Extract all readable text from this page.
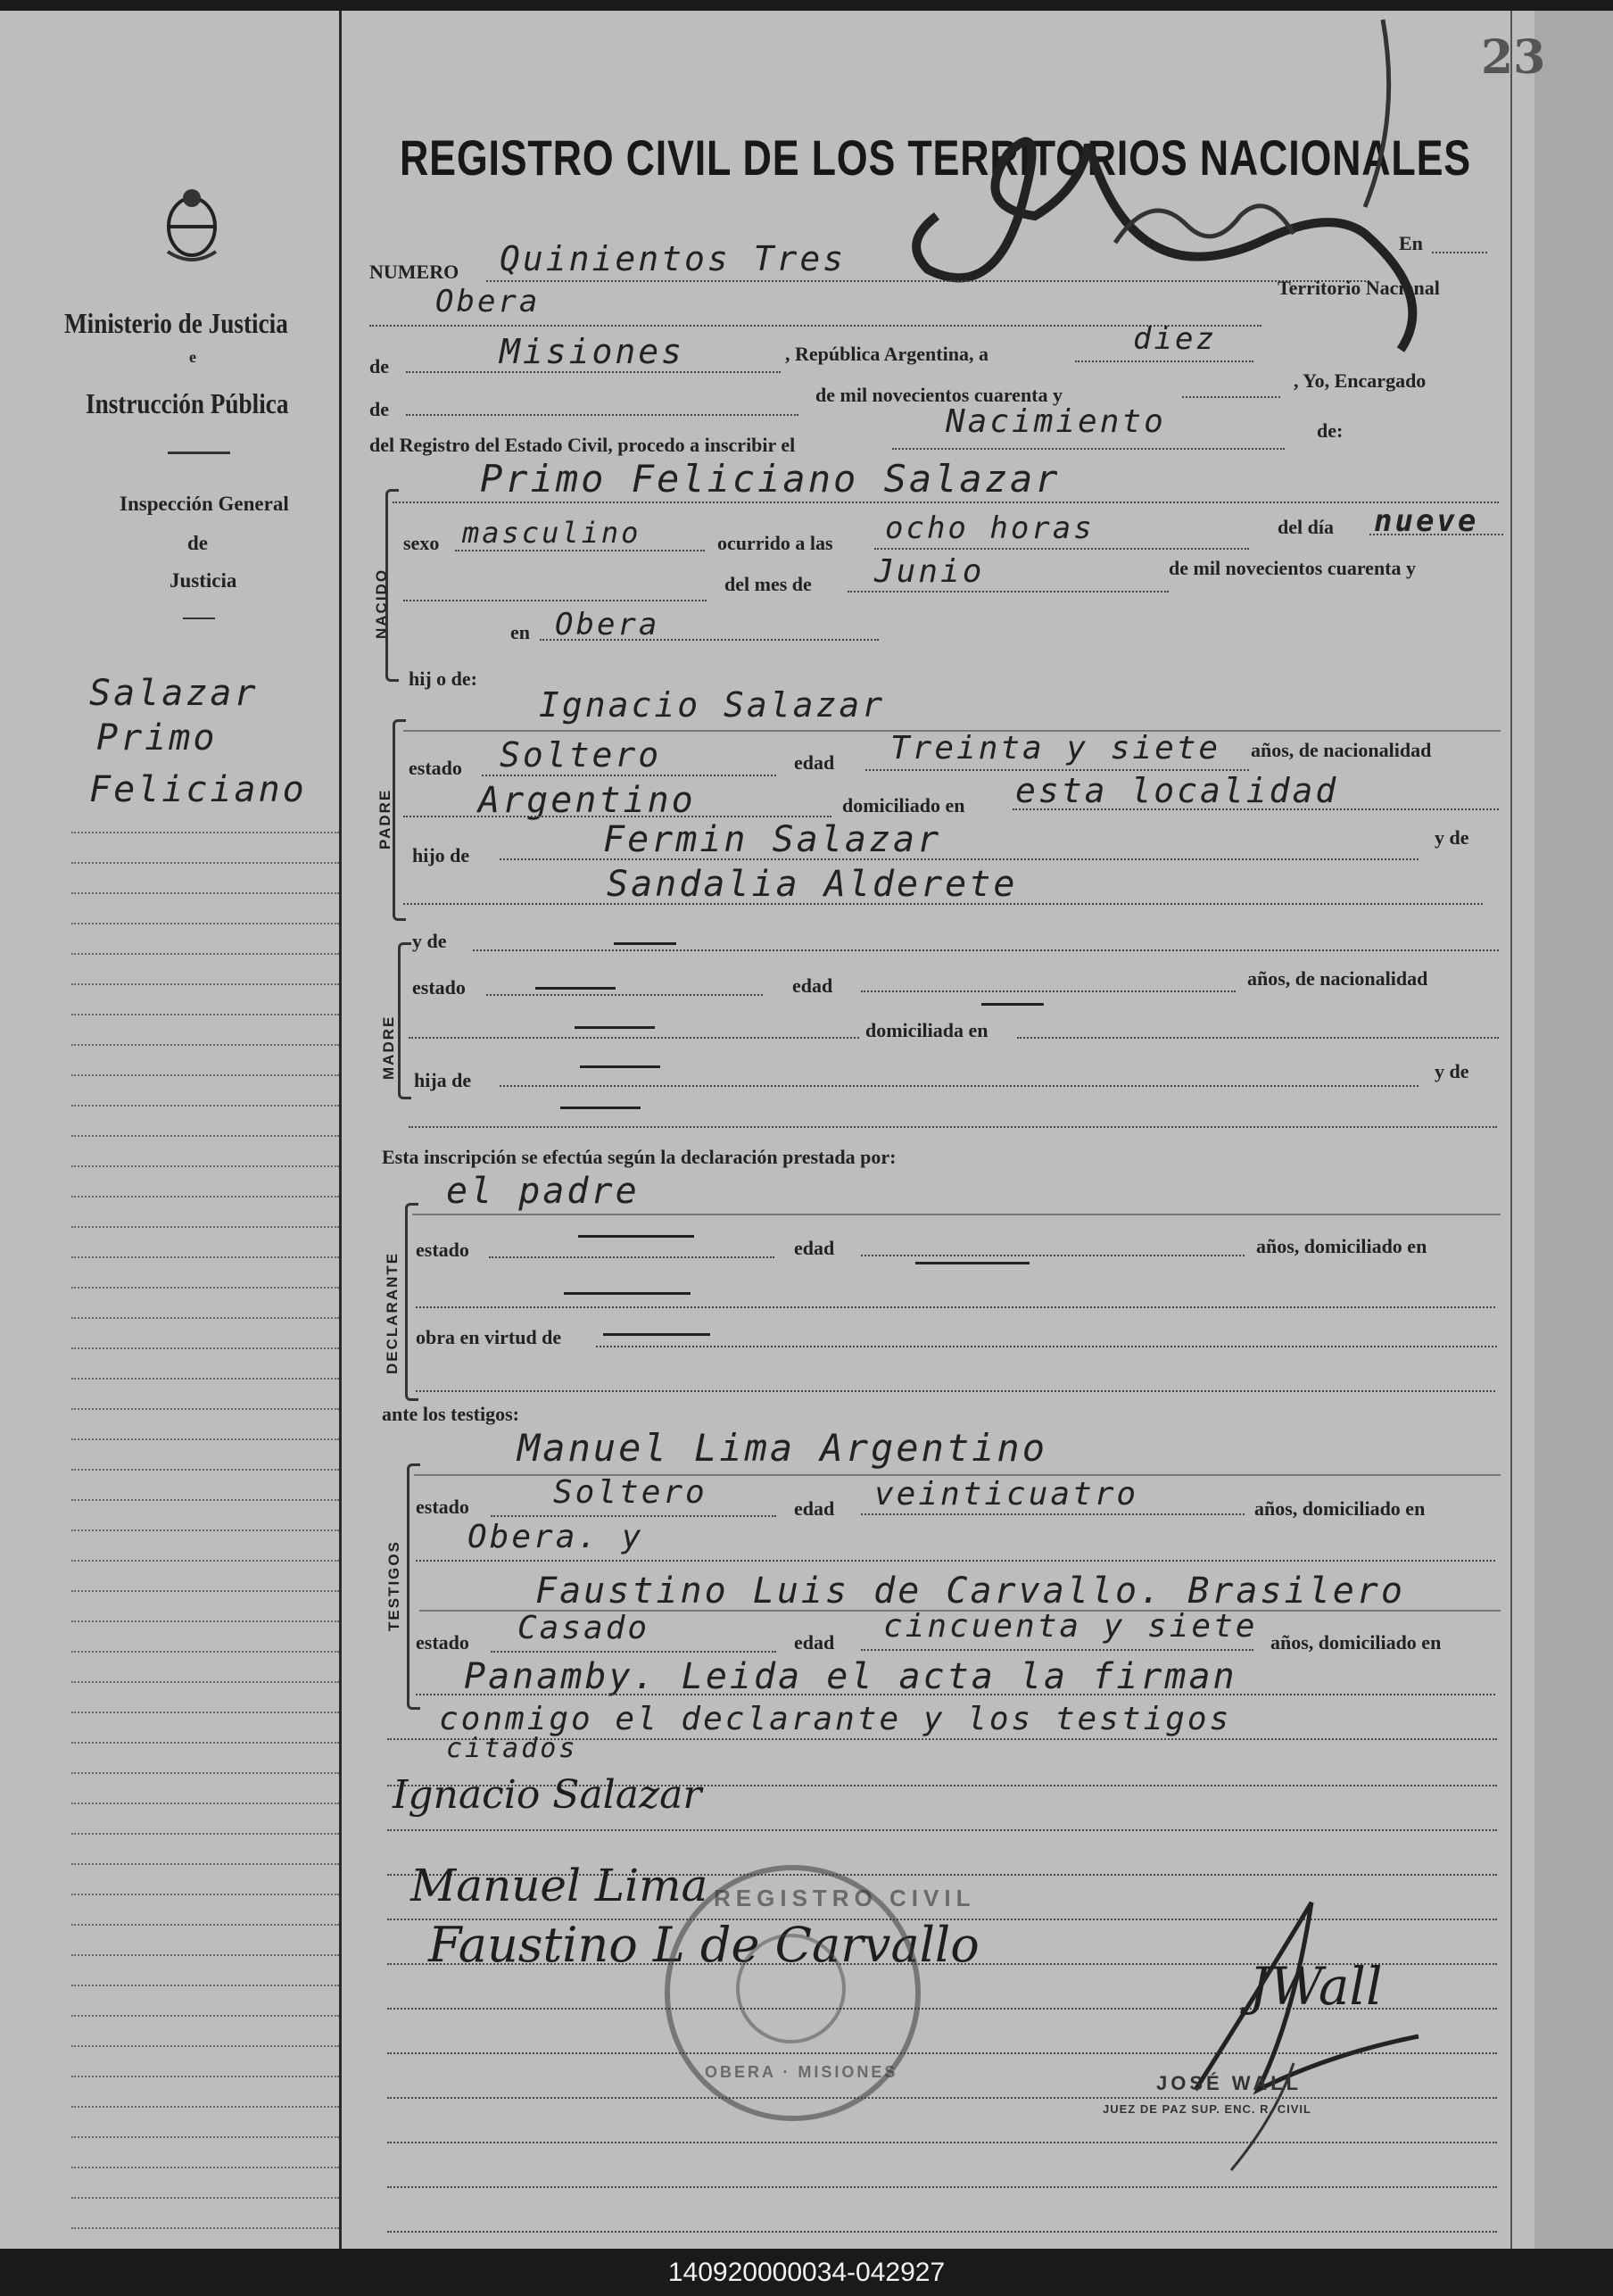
Ministerio de Justicia
e
Instrucción Pública
Inspección General
de
Justicia
Salazar
Primo
Feliciano
23
REGISTRO CIVIL DE LOS TERRITORIOS NACIONALES
NUMERO Quinientos Tres	En
Obera	Territorio Nacional
de	Misiones	, República Argentina, a	diez
de
de mil novecientos cuarenta y
, Yo, Encargado
del Registro del Estado Civil, procedo a inscribir el
Nacimiento	de:
Primo Feliciano Salazar
NACIDO
sexo masculino	ocurrido a las ocho horas	del día nueve
del mes de Junio	de mil novecientos cuarenta y
en Obera
hij o de:
Ignacio Salazar
PADRE
estado Soltero	edad Treinta y siete años, de nacionalidad
Argentino	domiciliado en esta localidad
hijo de	Fermin Salazar	y de
Sandalia Alderete
MADRE
y de
estado	edad	años, de nacionalidad
domiciliada en
hija de	y de
Esta inscripción se efectúa según la declaración prestada por:
el padre
DECLARANTE
estado	edad	años, domiciliado en
obra en virtud de
ante los testigos:
Manuel Lima Argentino
TESTIGOS
estado	Soltero	edad veinticuatro	años, domiciliado en
Obera. y
Faustino Luis de Carvallo. Brasilero
estado Casado	edad cincuenta y siete años, domiciliado en
Panamby. Leida el acta la firman
conmigo el declarante y los testigos
citados
Ignacio Salazar
Manuel Lima
Faustino L de Carvallo
REGISTRO CIVIL
OBERA · MISIONES
JWall
JOSÉ WALL
JUEZ DE PAZ SUP. ENC. R. CIVIL
140920000034-042927
